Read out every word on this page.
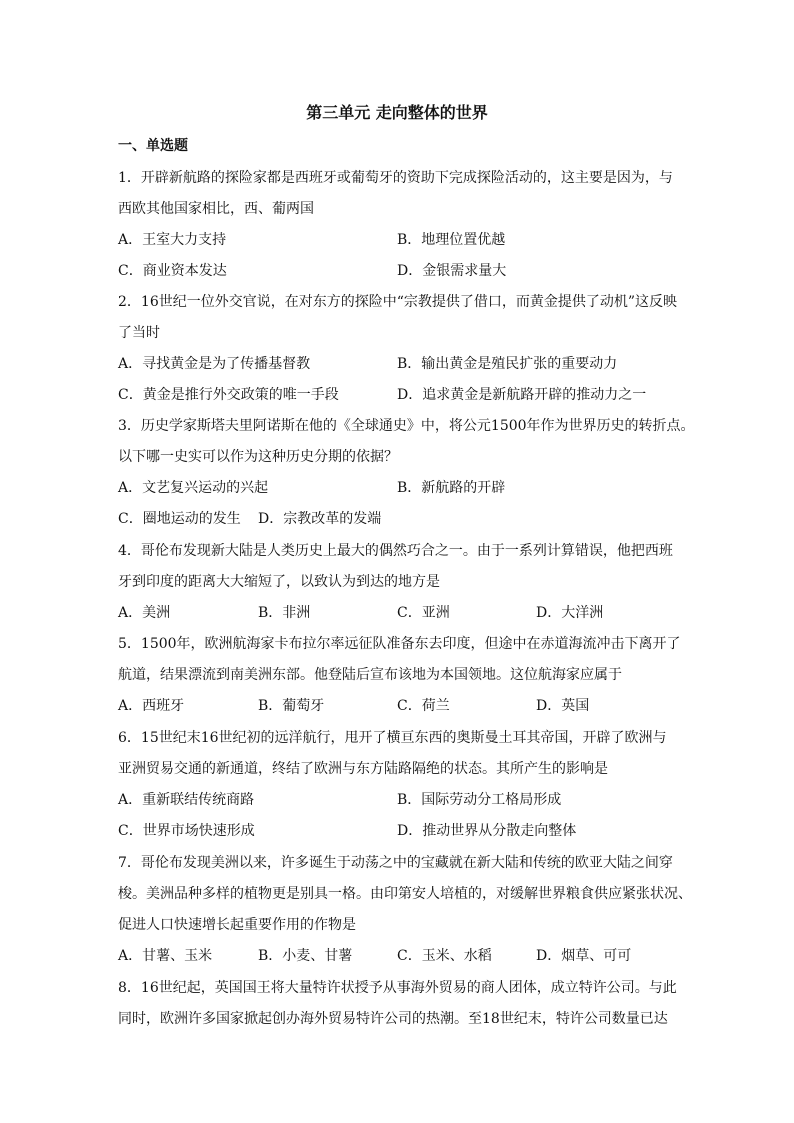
第三单元 走向整体的世界
一、单选题
1．开辟新航路的探险家都是西班牙或葡萄牙的资助下完成探险活动的，这主要是因为，与
西欧其他国家相比，西、葡两国
A．王室大力支持	B．地理位置优越
C．商业资本发达	D．金银需求量大
2．16世纪一位外交官说，在对东方的探险中“宗教提供了借口，而黄金提供了动机”这反映
了当时
A．寻找黄金是为了传播基督教	B．输出黄金是殖民扩张的重要动力
C．黄金是推行外交政策的唯一手段	D．追求黄金是新航路开辟的推动力之一
3．历史学家斯塔夫里阿诺斯在他的《全球通史》中，将公元1500年作为世界历史的转折点。
以下哪一史实可以作为这种历史分期的依据？
A．文艺复兴运动的兴起	B．新航路的开辟
C．圈地运动的发生 D．宗教改革的发端
4．哥伦布发现新大陆是人类历史上最大的偶然巧合之一。由于一系列计算错误，他把西班
牙到印度的距离大大缩短了，以致认为到达的地方是
A．美洲	B．非洲	C．亚洲	D．大洋洲
5．1500年，欧洲航海家卡布拉尔率远征队准备东去印度，但途中在赤道海流冲击下离开了
航道，结果漂流到南美洲东部。他登陆后宣布该地为本国领地。这位航海家应属于
A．西班牙	B．葡萄牙	C．荷兰	D．英国
6．15世纪末16世纪初的远洋航行，甩开了横亘东西的奥斯曼土耳其帝国，开辟了欧洲与
亚洲贸易交通的新通道，终结了欧洲与东方陆路隔绝的状态。其所产生的影响是
A．重新联结传统商路	B．国际劳动分工格局形成
C．世界市场快速形成	D．推动世界从分散走向整体
7．哥伦布发现美洲以来，许多诞生于动荡之中的宝藏就在新大陆和传统的欧亚大陆之间穿
梭。美洲品种多样的植物更是别具一格。由印第安人培植的，对缓解世界粮食供应紧张状况、
促进人口快速增长起重要作用的作物是
A．甘薯、玉米	B．小麦、甘薯	C．玉米、水稻	D．烟草、可可
8．16世纪起，英国国王将大量特许状授予从事海外贸易的商人团体，成立特许公司。与此
同时，欧洲许多国家掀起创办海外贸易特许公司的热潮。至18世纪末，特许公司数量已达
